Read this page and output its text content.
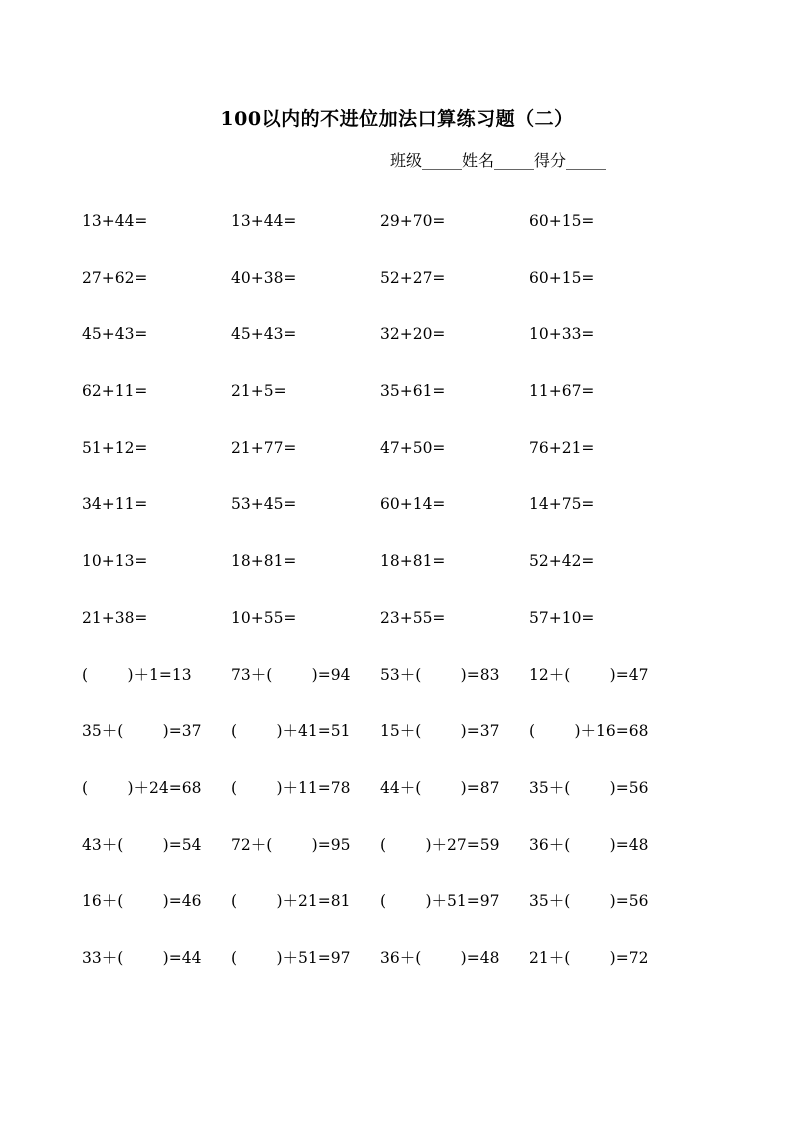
100以内的不进位加法口算练习题（二）
班级_____姓名_____得分_____
13+44=	13+44=	29+70=	60+15=
27+62=	40+38=	52+27=	60+15=
45+43=	45+43=	32+20=	10+33=
62+11=	21+5=	35+61=	11+67=
51+12=	21+77=	47+50=	76+21=
34+11=	53+45=	60+14=	14+75=
10+13=	18+81=	18+81=	52+42=
21+38=	10+55=	23+55=	57+10=
(        )＋1=13	73＋(        )=94	53＋(        )=83	12＋(        )=47
35＋(        )=37	(        )＋41=51	15＋(        )=37	(        )＋16=68
(        )＋24=68	(        )＋11=78	44＋(        )=87	35＋(        )=56
43＋(        )=54	72＋(        )=95	(        )＋27=59	36＋(        )=48
16＋(        )=46	(        )＋21=81	(        )＋51=97	35＋(        )=56
33＋(        )=44	(        )＋51=97	36＋(        )=48	21＋(        )=72
